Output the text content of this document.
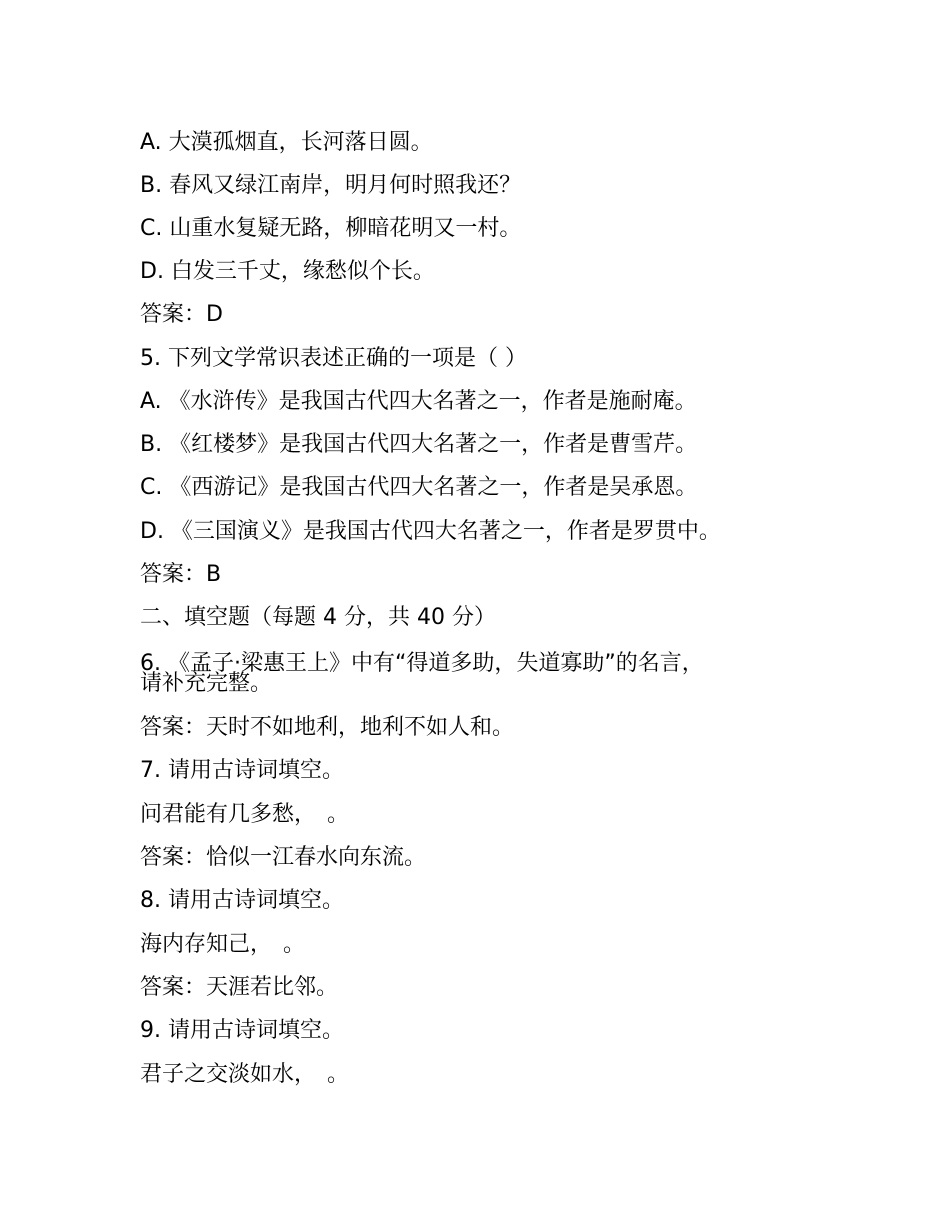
A. 大漠孤烟直，长河落日圆。
B. 春风又绿江南岸，明月何时照我还？
C. 山重水复疑无路，柳暗花明又一村。
D. 白发三千丈，缘愁似个长。
答案：D
5. 下列文学常识表述正确的一项是（ ）
A. 《水浒传》是我国古代四大名著之一，作者是施耐庵。
B. 《红楼梦》是我国古代四大名著之一，作者是曹雪芹。
C. 《西游记》是我国古代四大名著之一，作者是吴承恩。
D. 《三国演义》是我国古代四大名著之一，作者是罗贯中。
答案：B
二、填空题（每题 4 分，共 40 分）
6. 《孟子·梁惠王上》中有“得道多助，失道寡助”的名言，
请补充完整。
答案：天时不如地利，地利不如人和。
7. 请用古诗词填空。
问君能有几多愁，　。
答案：恰似一江春水向东流。
8. 请用古诗词填空。
海内存知己，　。
答案：天涯若比邻。
9. 请用古诗词填空。
君子之交淡如水，　。
